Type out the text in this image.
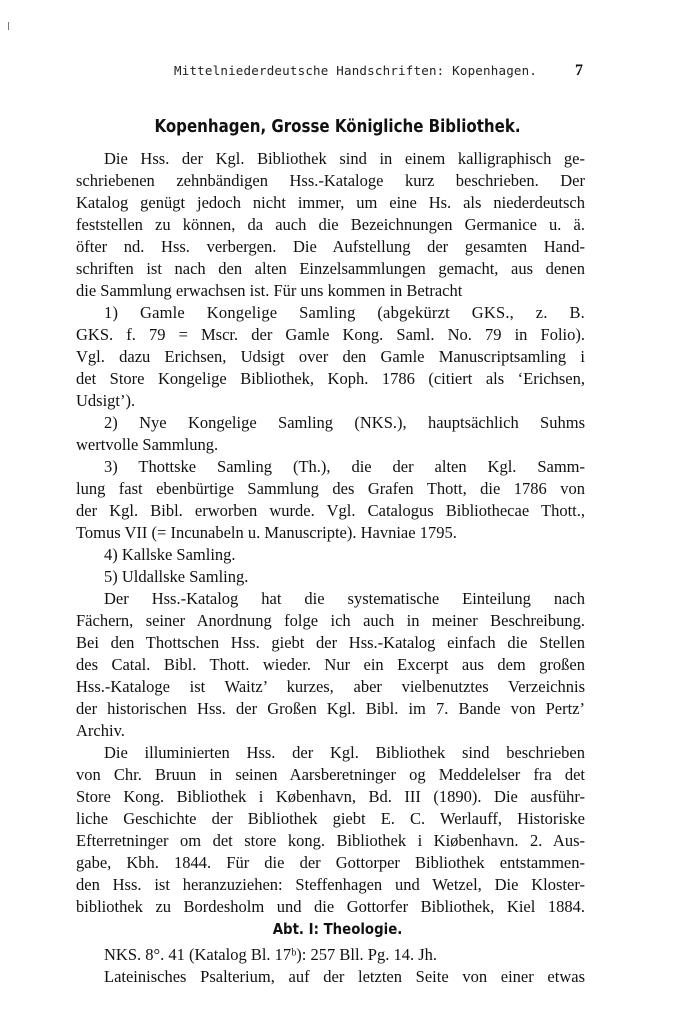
Mittelniederdeutsche Handschriften: Kopenhagen. 7
Kopenhagen, Grosse Königliche Bibliothek.
Die Hss. der Kgl. Bibliothek sind in einem kalligraphisch ge-
schriebenen zehnbändigen Hss.-Kataloge kurz beschrieben. Der
Katalog genügt jedoch nicht immer, um eine Hs. als niederdeutsch
feststellen zu können, da auch die Bezeichnungen Germanice u. ä.
öfter nd. Hss. verbergen. Die Aufstellung der gesamten Hand-
schriften ist nach den alten Einzelsammlungen gemacht, aus denen
die Sammlung erwachsen ist. Für uns kommen in Betracht
1) Gamle Kongelige Samling (abgekürzt GKS., z. B.
GKS. f. 79 = Mscr. der Gamle Kong. Saml. No. 79 in Folio).
Vgl. dazu Erichsen, Udsigt over den Gamle Manuscriptsamling i
det Store Kongelige Bibliothek, Koph. 1786 (citiert als ‘Erichsen,
Udsigt’).
2) Nye Kongelige Samling (NKS.), hauptsächlich Suhms
wertvolle Sammlung.
3) Thottske Samling (Th.), die der alten Kgl. Samm-
lung fast ebenbürtige Sammlung des Grafen Thott, die 1786 von
der Kgl. Bibl. erworben wurde. Vgl. Catalogus Bibliothecae Thott.,
Tomus VII (= Incunabeln u. Manuscripte). Havniae 1795.
4) Kallske Samling.
5) Uldallske Samling.
Der Hss.-Katalog hat die systematische Einteilung nach
Fächern, seiner Anordnung folge ich auch in meiner Beschreibung.
Bei den Thottschen Hss. giebt der Hss.-Katalog einfach die Stellen
des Catal. Bibl. Thott. wieder. Nur ein Excerpt aus dem großen
Hss.-Kataloge ist Waitz’ kurzes, aber vielbenutztes Verzeichnis
der historischen Hss. der Großen Kgl. Bibl. im 7. Bande von Pertz’
Archiv.
Die illuminierten Hss. der Kgl. Bibliothek sind beschrieben
von Chr. Bruun in seinen Aarsberetninger og Meddelelser fra det
Store Kong. Bibliothek i København, Bd. III (1890). Die ausführ-
liche Geschichte der Bibliothek giebt E. C. Werlauff, Historiske
Efterretninger om det store kong. Bibliothek i Kiøbenhavn. 2. Aus-
gabe, Kbh. 1844. Für die der Gottorper Bibliothek entstammen-
den Hss. ist heranzuziehen: Steffenhagen und Wetzel, Die Kloster-
bibliothek zu Bordesholm und die Gottorfer Bibliothek, Kiel 1884.
Abt. I: Theologie.
NKS. 8°. 41 (Katalog Bl. 17ᵇ): 257 Bll. Pg. 14. Jh.
Lateinisches Psalterium, auf der letzten Seite von einer etwas
